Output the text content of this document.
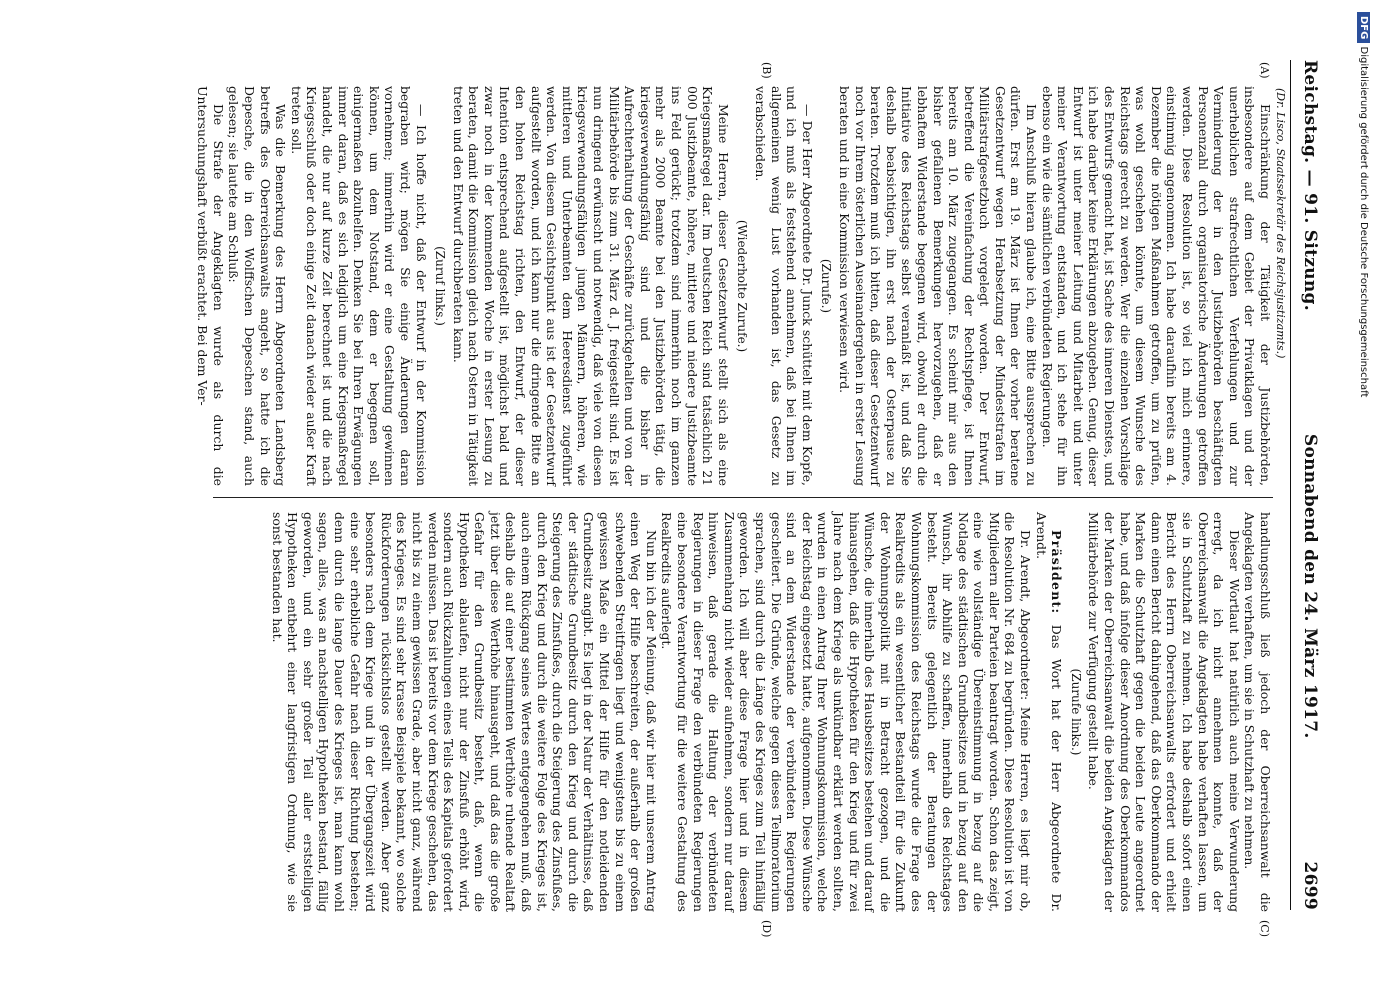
Reichstag. — 91. Sitzung.
Sonnabend den 24. März 1917.
2699
(Dr. Lisco, Staatssekretär des Reichsjustizamts.)
(A)
(B)
(C)
(D)

Einschränkung der Tätigkeit der Justizbehörden, insbesondere auf dem Gebiet der Privatklagen und der unerheblichen strafrechtlichen Verfehlungen und zur Verminderung der in den Justizbehörden beschäftigten Personenzahl durch organisatorische Änderungen getroffen werden. Diese Resolution ist, so viel ich mich erinnere, einstimmig angenommen. Ich habe daraufhin bereits am 4. Dezember die nötigen Maßnahmen getroffen, um zu prüfen, was wohl geschehen könnte, um diesem Wunsche des Reichstags gerecht zu werden. Wer die einzelnen Vorschläge des Entwurfs gemacht hat, ist Sache des inneren Dienstes, und ich habe darüber keine Erklärungen abzugeben. Genug, dieser Entwurf ist unter meiner Leitung und Mitarbeit und unter meiner Verantwortung entstanden, und ich stehe für ihn ebenso ein wie die sämtlichen verbündeten Regierungen.

Im Anschluß hieran glaube ich, eine Bitte aussprechen zu dürfen. Erst am 19. März ist Ihnen der vorher beratene Gesetzentwurf wegen Herabsetzung der Mindeststrafen im Militärstrafgesetzbuch vorgelegt worden. Der Entwurf, betreffend die Vereinfachung der Rechtspflege, ist Ihnen bereits am 10. März zugegangen. Es scheint mir aus den bisher gefallenen Bemerkungen hervorzugehen, daß er lebhaftem Widerstande begegnen wird, obwohl er durch die Initiative des Reichstags selbst veranlaßt ist, und daß Sie deshalb beabsichtigen, ihn erst nach der Osterpause zu beraten. Trotzdem muß ich bitten, daß dieser Gesetzentwurf noch vor Ihrem österlichen Auseinandergehen in erster Lesung beraten und in eine Kommission verwiesen wird.

(Zurufe.)

— Der Herr Abgeordnete Dr. Junck schüttelt mit dem Kopfe, und ich muß als feststehend annehmen, daß bei Ihnen im allgemeinen wenig Lust vorhanden ist, das Gesetz zu verabschieden.

(Wiederholte Zurufe.)

Meine Herren, dieser Gesetzentwurf stellt sich als eine Kriegsmaßregel dar. Im Deutschen Reich sind tatsächlich 21 000 Justizbeamte, höhere, mittlere und niedere Justizbeamte ins Feld gerückt; trotzdem sind immerhin noch im ganzen mehr als 2000 Beamte bei den Justizbehörden tätig, die kriegsverwendungsfähig sind und die bisher in Aufrechterhaltung der Geschäfte zurückgehalten und von der Militärbehörde bis zum 31. März d. J. freigestellt sind. Es ist nun dringend erwünscht und notwendig, daß viele von diesen kriegsverwendungsfähigen jungen Männern, höheren, wie mittleren und Unterbeamten dem Heeresdienst zugeführt werden. Von diesem Gesichtspunkt aus ist der Gesetzentwurf aufgestellt worden, und ich kann nur die dringende Bitte an den hohen Reichstag richten, den Entwurf, der dieser Intention entsprechend aufgestellt ist, möglichst bald und zwar noch in der kommenden Woche in erster Lesung zu beraten, damit die Kommission gleich nach Ostern in Tätigkeit treten und den Entwurf durchberaten kann.

(Zuruf links.)

— Ich hoffe nicht, daß der Entwurf in der Kommission begraben wird; mögen Sie einige Änderungen daran vornehmen; immerhin wird er eine Gestaltung gewinnen können, um dem Notstand, dem er begegnen soll, einigermaßen abzuhelfen. Denken Sie bei Ihren Erwägungen immer daran, daß es sich lediglich um eine Kriegsmaßregel handelt, die nur auf kurze Zeit berechnet ist und die nach Kriegsschluß oder doch einige Zeit danach wieder außer Kraft treten soll.

Was die Bemerkung des Herrn Abgeordneten Landsberg betreffs des Oberreichsanwalts angeht, so hatte ich die Depesche, die in den Wolffschen Depeschen stand, auch gelesen; sie lautete am Schluß:

Die Strafe der Angeklagten wurde als durch die Untersuchungshaft verbüßt erachtet. Bei dem Ver-

handlungsschluß ließ jedoch der Oberreichsanwalt die Angeklagten verhaften, um sie in Schutzhaft zu nehmen.

Dieser Wortlaut hat natürlich auch meine Verwunderung erregt, da ich nicht annehmen konnte, daß der Oberreichsanwalt die Angeklagten habe verhaften lassen, um sie in Schutzhaft zu nehmen. Ich habe deshalb sofort einen Bericht des Herrn Oberreichsanwalts erfordert und erhielt dann einen Bericht dahingehend, daß das Oberkommando der Marken die Schutzhaft gegen die beiden Leute angeordnet habe, und daß infolge dieser Anordnung des Oberkommandos der Marken der Oberreichsanwalt die beiden Angeklagten der Militärbehörde zur Verfügung gestellt habe.

(Zurufe links.)

Präsident: Das Wort hat der Herr Abgeordnete Dr. Arendt.

Dr. Arendt, Abgeordneter: Meine Herren, es liegt mir ob, die Resolution Nr. 684 zu begründen. Diese Resolution ist von Mitgliedern aller Parteien beantragt worden. Schon das zeigt, eine wie vollständige Übereinstimmung in bezug auf die Notlage des städtischen Grundbesitzes und in bezug auf den Wunsch, ihr Abhilfe zu schaffen, innerhalb des Reichstages besteht. Bereits gelegentlich der Beratungen der Wohnungskommission des Reichstags wurde die Frage des Realkredits als ein wesentlicher Bestandteil für die Zukunft der Wohnungspolitik mit in Betracht gezogen, und die Wünsche, die innerhalb des Hausbesitzes bestehen und darauf hinausgehen, daß die Hypotheken für den Krieg und für zwei Jahre nach dem Kriege als unkündbar erklärt werden sollten, wurden in einen Antrag Ihrer Wohnungskommission, welche der Reichstag eingesetzt hatte, aufgenommen. Diese Wünsche sind an dem Widerstande der verbündeten Regierungen gescheitert. Die Gründe, welche gegen dieses Teilmoratorium sprachen, sind durch die Länge des Krieges zum Teil hinfällig geworden. Ich will aber diese Frage hier und in diesem Zusammenhang nicht wieder aufnehmen, sondern nur darauf hinweisen, daß gerade die Haltung der verbündeten Regierungen in dieser Frage den verbündeten Regierungen eine besondere Verantwortung für die weitere Gestaltung des Realkredits auferlegt.

Nun bin ich der Meinung, daß wir hier mit unserem Antrag einen Weg der Hilfe beschreiten, der außerhalb der großen schwebenden Streitfragen liegt und wenigstens bis zu einem gewissen Maße ein Mittel der Hilfe für den notleidenden Grundbesitz angibt. Es liegt in der Natur der Verhältnisse, daß der städtische Grundbesitz durch den Krieg und durch die Steigerung des Zinsfußes, durch die Steigerung des Zinsfußes, durch den Krieg und durch die weitere Folge des Krieges ist, auch einem Rückgang seines Wertes entgegengehen muß, daß deshalb die auf einer bestimmten Werthöhe ruhende Realtaft jetzt über diese Werthöhe hinausgeht, und daß das die große Gefahr für den Grundbesitz besteht, daß, wenn die Hypotheken ablaufen, nicht nur der Zinsfuß erhöht wird, sondern auch Rückzahlungen eines Teils des Kapitals gefordert werden müssen. Das ist bereits vor dem Kriege geschehen, das nicht bis zu einem gewissen Grade, aber nicht ganz, während des Krieges. Es sind sehr krasse Beispiele bekannt, wo solche Rückforderungen rücksichtslos gestellt werden. Aber ganz besonders nach dem Kriege und in der Übergangszeit wird eine sehr erhebliche Gefahr nach dieser Richtung bestehen; denn durch die lange Dauer des Krieges ist, man kann wohl sagen, alles, was an nachstelligen Hypotheken bestand, fällig geworden, und ein sehr großer Teil aller erststelligen Hypotheken entbehrt einer langfristigen Ordnung, wie sie sonst bestanden hat.

DFG Digitalisierung gefördert durch die Deutsche Forschungsgemeinschaft
